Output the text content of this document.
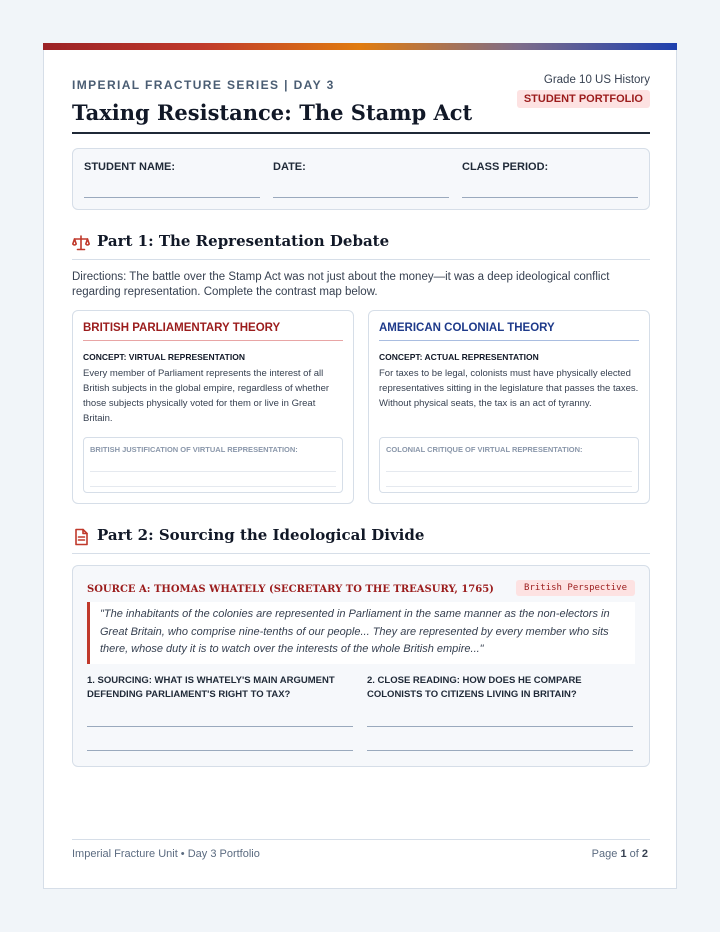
IMPERIAL FRACTURE SERIES | DAY 3
Taxing Resistance: The Stamp Act
Grade 10 US History
STUDENT PORTFOLIO
STUDENT NAME:	DATE:	CLASS PERIOD:
Part 1: The Representation Debate

Directions: The battle over the Stamp Act was not just about the money—it was a deep ideological conflict regarding representation. Complete the contrast map below.

BRITISH PARLIAMENTARY THEORY
CONCEPT: VIRTUAL REPRESENTATION

Every member of Parliament represents the interest of all British subjects in the global empire, regardless of whether those subjects physically voted for them or live in Great Britain.

BRITISH JUSTIFICATION OF VIRTUAL REPRESENTATION:
AMERICAN COLONIAL THEORY
CONCEPT: ACTUAL REPRESENTATION

For taxes to be legal, colonists must have physically elected representatives sitting in the legislature that passes the taxes. Without physical seats, the tax is an act of tyranny.

COLONIAL CRITIQUE OF VIRTUAL REPRESENTATION:
Part 2: Sourcing the Ideological Divide
SOURCE A: THOMAS WHATELY (SECRETARY TO THE TREASURY, 1765)	British Perspective
"The inhabitants of the colonies are represented in Parliament in the same manner as the non-electors in Great Britain, who comprise nine-tenths of our people... They are represented by every member who sits there, whose duty it is to watch over the interests of the whole British empire..."
1. SOURCING: WHAT IS WHATELY'S MAIN ARGUMENT DEFENDING PARLIAMENT'S RIGHT TO TAX?
2. CLOSE READING: HOW DOES HE COMPARE COLONISTS TO CITIZENS LIVING IN BRITAIN?
Imperial Fracture Unit • Day 3 Portfolio	Page 1 of 2
